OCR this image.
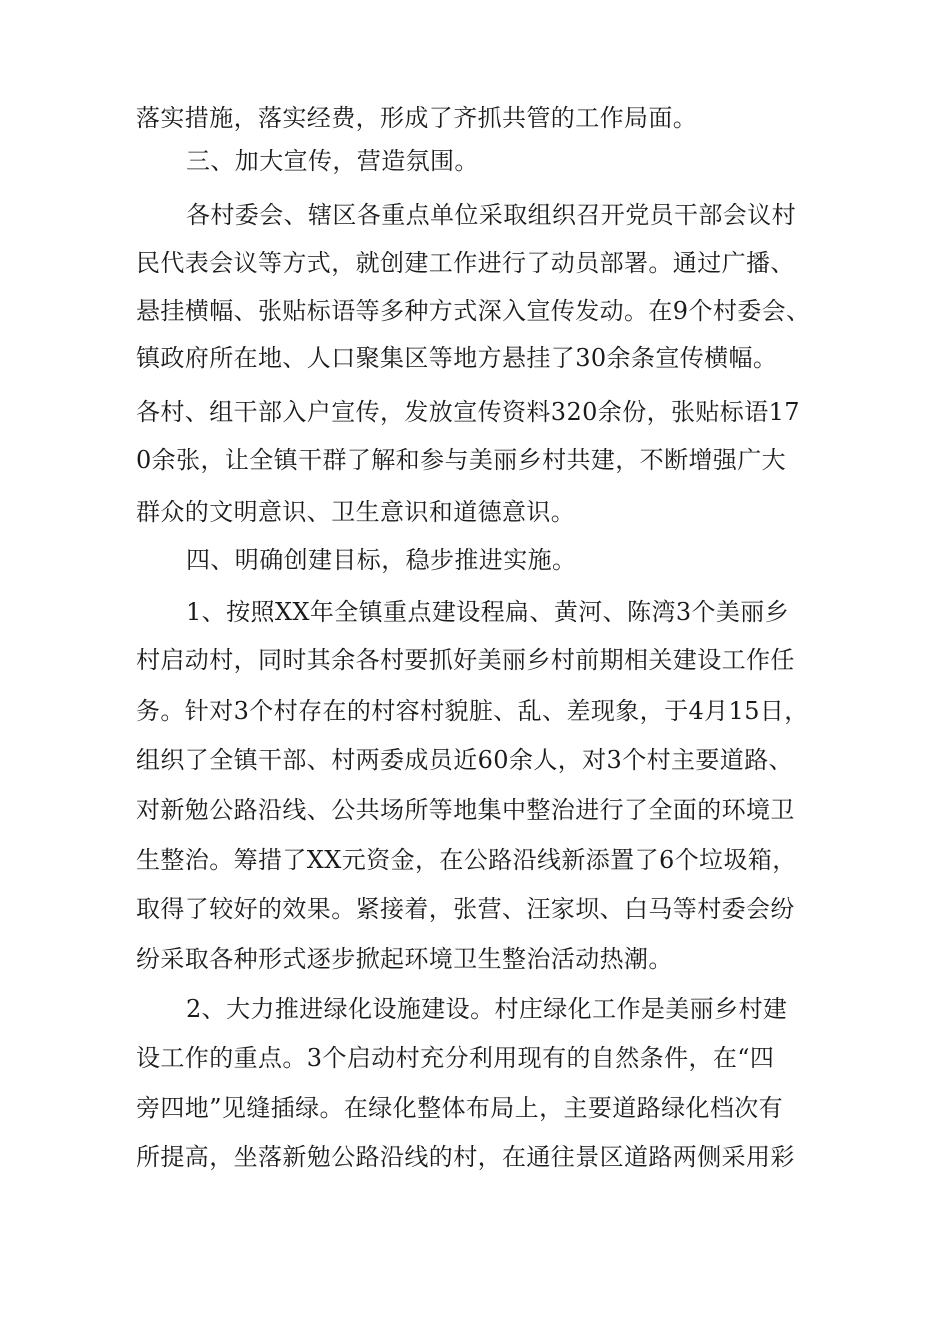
落实措施，落实经费，形成了齐抓共管的工作局面。
三、加大宣传，营造氛围。
各村委会、辖区各重点单位采取组织召开党员干部会议村
民代表会议等方式，就创建工作进行了动员部署。通过广播、
悬挂横幅、张贴标语等多种方式深入宣传发动。在9个村委会、
镇政府所在地、人口聚集区等地方悬挂了30余条宣传横幅。
各村、组干部入户宣传，发放宣传资料320余份，张贴标语17
0余张，让全镇干群了解和参与美丽乡村共建，不断增强广大
群众的文明意识、卫生意识和道德意识。
四、明确创建目标，稳步推进实施。
1、按照XX年全镇重点建设程扁、黄河、陈湾3个美丽乡
村启动村，同时其余各村要抓好美丽乡村前期相关建设工作任
务。针对3个村存在的村容村貌脏、乱、差现象，于4月15日，
组织了全镇干部、村两委成员近60余人，对3个村主要道路、
对新勉公路沿线、公共场所等地集中整治进行了全面的环境卫
生整治。筹措了XX元资金，在公路沿线新添置了6个垃圾箱，
取得了较好的效果。紧接着，张营、汪家坝、白马等村委会纷
纷采取各种形式逐步掀起环境卫生整治活动热潮。
2、大力推进绿化设施建设。村庄绿化工作是美丽乡村建
设工作的重点。3个启动村充分利用现有的自然条件，在“四
旁四地”见缝插绿。在绿化整体布局上，主要道路绿化档次有
所提高，坐落新勉公路沿线的村，在通往景区道路两侧采用彩
